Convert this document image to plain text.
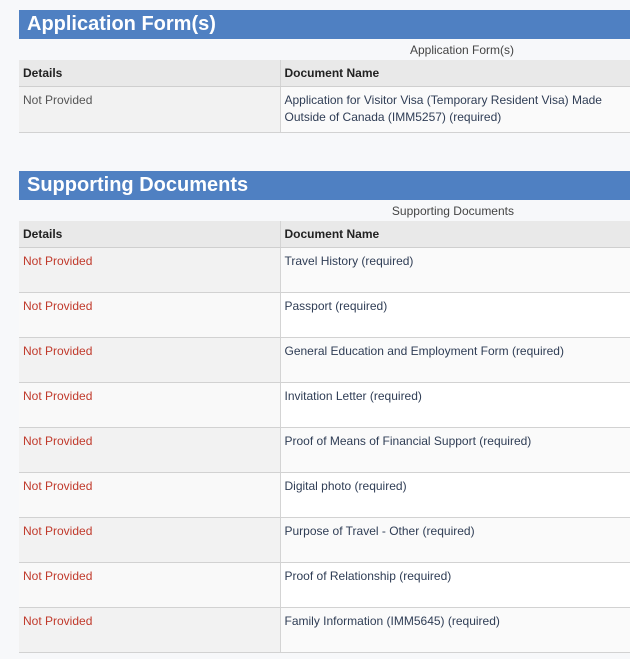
Application Form(s)
Application Form(s)
Details	Document Name
Not Provided	Application for Visitor Visa (Temporary Resident Visa) Made Outside of Canada (IMM5257) (required)
Supporting Documents
Supporting Documents
Details	Document Name
Not Provided	Travel History (required)
Not Provided	Passport (required)
Not Provided	General Education and Employment Form (required)
Not Provided	Invitation Letter (required)
Not Provided	Proof of Means of Financial Support (required)
Not Provided	Digital photo (required)
Not Provided	Purpose of Travel - Other (required)
Not Provided	Proof of Relationship (required)
Not Provided	Family Information (IMM5645) (required)
